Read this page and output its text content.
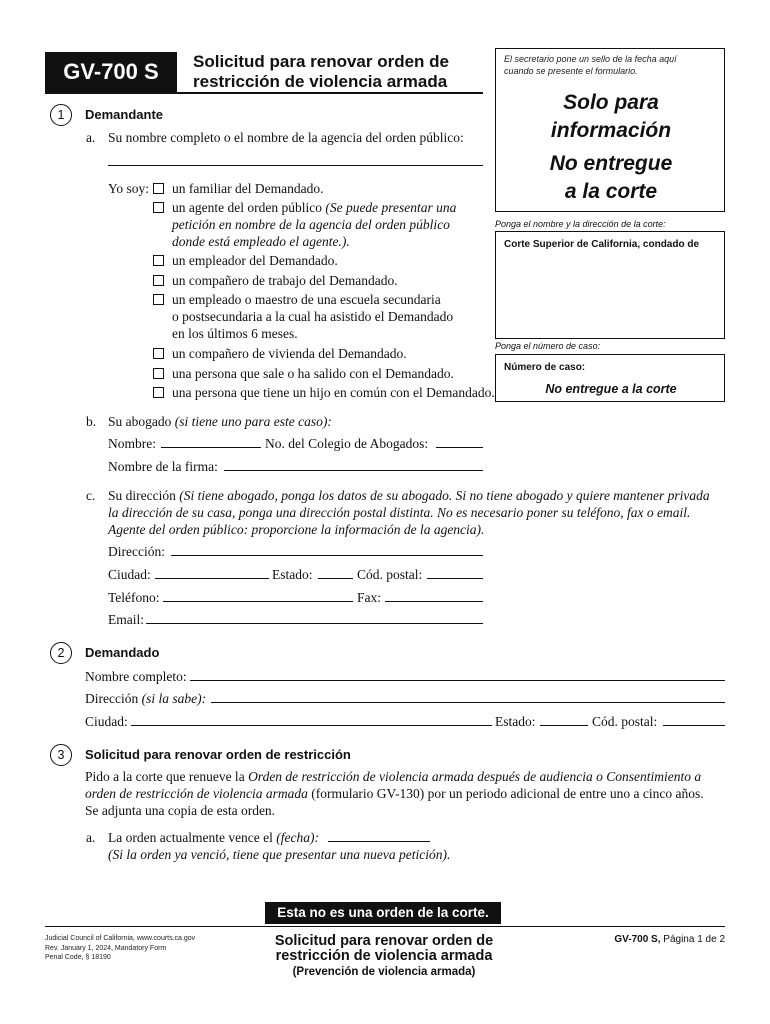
GV-700 S	Solicitud para renovar orden de
restricción de violencia armada
El secretario pone un sello de la fecha aquí
cuando se presente el formulario.
Solo para
información
No entregue
a la corte
Ponga el nombre y la dirección de la corte:
Corte Superior de California, condado de
Ponga el número de caso:
Número de caso:
No entregue a la corte
1	Demandante
a. Su nombre completo o el nombre de la agencia del orden público:
Yo soy:	un familiar del Demandado.
un agente del orden público (Se puede presentar una
petición en nombre de la agencia del orden público
donde está empleado el agente.).
un empleador del Demandado.
un compañero de trabajo del Demandado.
un empleado o maestro de una escuela secundaria
o postsecundaria a la cual ha asistido el Demandado
en los últimos 6 meses.
un compañero de vivienda del Demandado.
una persona que sale o ha salido con el Demandado.
una persona que tiene un hijo en común con el Demandado.
b. Su abogado (si tiene uno para este caso):
Nombre:	No. del Colegio de Abogados:
Nombre de la firma:
c. Su dirección (Si tiene abogado, ponga los datos de su abogado. Si no tiene abogado y quiere mantener privada
la dirección de su casa, ponga una dirección postal distinta. No es necesario poner su teléfono, fax o email.
Agente del orden público: proporcione la información de la agencia).
Dirección:
Ciudad:	Estado:	Cód. postal:
Teléfono:	Fax:
Email:
2	Demandado
Nombre completo:
Dirección (si la sabe):
Ciudad:	Estado:	Cód. postal:
3	Solicitud para renovar orden de restricción
Pido a la corte que renueve la Orden de restricción de violencia armada después de audiencia o Consentimiento a
orden de restricción de violencia armada (formulario GV-130) por un periodo adicional de entre uno a cinco años.
Se adjunta una copia de esta orden.
a. La orden actualmente vence el (fecha):
(Si la orden ya venció, tiene que presentar una nueva petición).
Esta no es una orden de la corte.
Judicial Council of California, www.courts.ca.gov
Rev. January 1, 2024, Mandatory Form
Penal Code, § 18190
Solicitud para renovar orden de
restricción de violencia armada
(Prevención de violencia armada)
GV-700 S, Página 1 de 2
